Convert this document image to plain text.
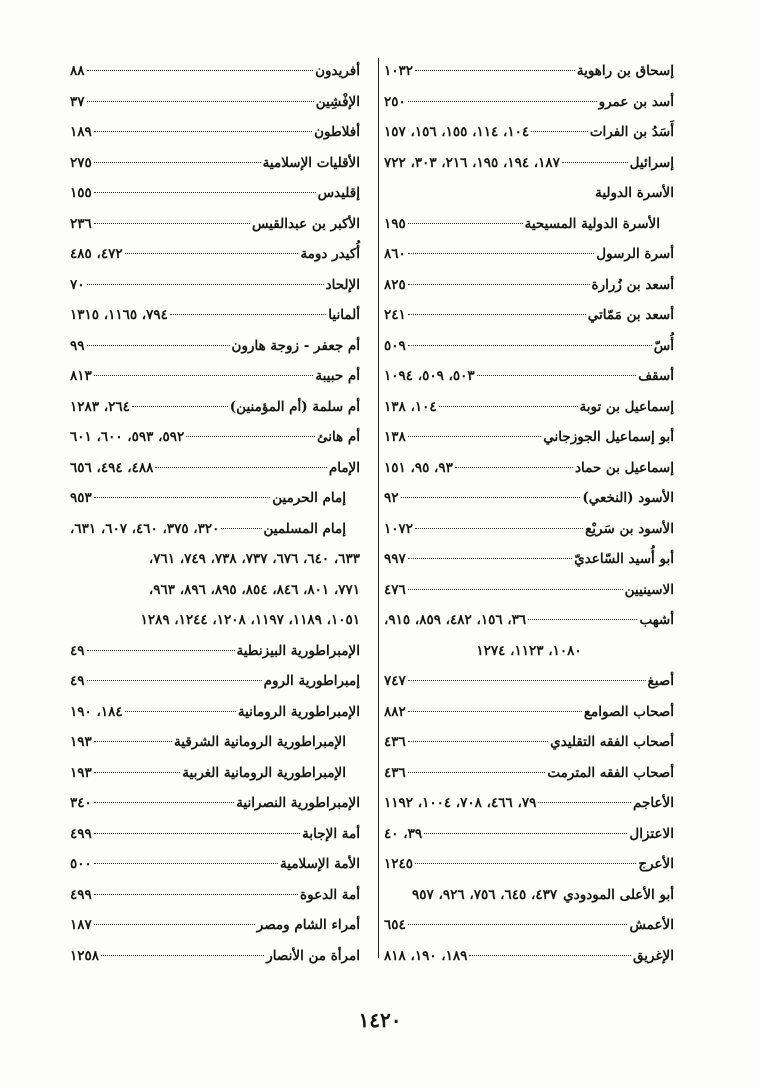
إسحاق بن راهوية
١٠٣٢
أسد بن عمرو
٢٥٠
أَسَدُ بن الفرات
١٠٤، ١١٤، ١٥٥، ١٥٦، ١٥٧
إسرائيل
١٨٧، ١٩٤، ١٩٥، ٢١٦، ٣٠٣، ٧٢٢
الأسرة الدولية
الأسرة الدولية المسيحية
١٩٥
أسرة الرسول
٨٦٠
أسعد بن زُرارة
٨٢٥
أسعد بن مَمّاتي
٢٤١
أُسّ
٥٠٩
أسقف
٥٠٣، ٥٠٩، ١٠٩٤
إسماعيل بن توبة
١٠٤، ١٣٨
أبو إسماعيل الجوزجاني
١٣٨
إسماعيل بن حماد
٩٣، ٩٥، ١٥١
الأسود (النخعي)
٩٢
الأسود بن سَريْع
١٠٧٢
أبو أُسيد السّاعديّ
٩٩٧
الاسينيين
٤٧٦
أشهب
٣٦، ١٥٦، ٤٨٢، ٨٥٩، ٩١٥،
١٠٨٠، ١١٢٣، ١٢٧٤
أصبغ
٧٤٧
أصحاب الصوامع
٨٨٢
أصحاب الفقه التقليدي
٤٣٦
أصحاب الفقه المترمت
٤٣٦
الأعاجم
٧٩، ٤٦٦، ٧٠٨، ١٠٠٤، ١١٩٢
الاعتزال
٣٩، ٤٠
الأعرج
١٢٤٥
أبو الأعلى المودودي
٤٣٧، ٦٤٥، ٧٥٦، ٩٢٦، ٩٥٧
الأعمش
٦٥٤
الإغريق
١٨٩، ١٩٠، ٨١٨
أفريدون
٨٨
الإفْشِين
٣٧
أفلاطون
١٨٩
الأقليات الإسلامية
٢٧٥
إقليدس
١٥٥
الأكبر بن عبدالقيس
٢٣٦
أُكيدر دومة
٤٧٢، ٤٨٥
الإلحاد
٧٠
ألمانيا
٧٩٤، ١١٦٥، ١٣١٥
أم جعفر - زوجة هارون
٩٩
أم حبيبة
٨١٣
أم سلمة (أم المؤمنين)
٢٦٤، ١٢٨٣
أم هانئ
٥٩٢، ٥٩٣، ٦٠٠، ٦٠١
الإمام
٤٨٨، ٤٩٤، ٦٥٦
إمام الحرمين
٩٥٣
إمام المسلمين
٣٢٠، ٣٧٥، ٤٦٠، ٦٠٧، ٦٣١،
٦٣٣، ٦٤٠، ٦٧٦، ٧٣٧، ٧٣٨، ٧٤٩، ٧٦١،
٧٧١، ٨٠١، ٨٤٦، ٨٥٤، ٨٩٥، ٨٩٦، ٩٦٣،
١٠٥١، ١١٨٩، ١١٩٧، ١٢٠٨، ١٢٤٤، ١٢٨٩
الإمبراطورية البيزنطية
٤٩
إمبراطورية الروم
٤٩
الإمبراطورية الرومانية
١٨٤، ١٩٠
الإمبراطورية الرومانية الشرقية
١٩٣
الإمبراطورية الرومانية الغربية
١٩٣
الإمبراطورية النصرانية
٣٤٠
أمة الإجابة
٤٩٩
الأمة الإسلامية
٥٠٠
أمة الدعوة
٤٩٩
أمراء الشام ومصر
١٨٧
امرأة من الأنصار
١٢٥٨
١٤٢٠
